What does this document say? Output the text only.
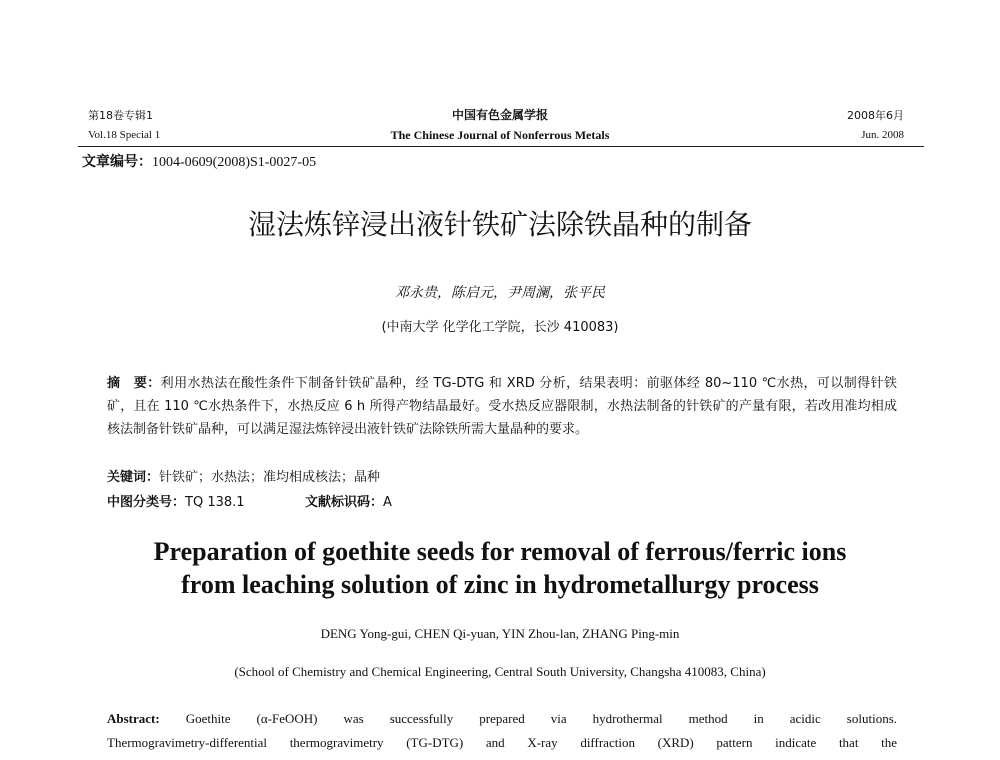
第18卷专辑1
Vol.18 Special 1
中国有色金属学报
The Chinese Journal of Nonferrous Metals
2008年6月
Jun. 2008
文章编号：1004-0609(2008)S1-0027-05
湿法炼锌浸出液针铁矿法除铁晶种的制备
邓永贵，陈启元，尹周澜，张平民
(中南大学 化学化工学院，长沙 410083)
摘　要：利用水热法在酸性条件下制备针铁矿晶种，经 TG-DTG 和 XRD 分析，结果表明：前驱体经 80~110 ℃水热，可以制得针铁矿，且在 110 ℃水热条件下，水热反应 6 h 所得产物结晶最好。受水热反应器限制，水热法制备的针铁矿的产量有限，若改用准均相成核法制备针铁矿晶种，可以满足湿法炼锌浸出液针铁矿法除铁所需大量晶种的要求。
关键词：针铁矿；水热法；准均相成核法；晶种
中图分类号：TQ 138.1	文献标识码：A
Preparation of goethite seeds for removal of ferrous/ferric ions
from leaching solution of zinc in hydrometallurgy process
DENG Yong-gui, CHEN Qi-yuan, YIN Zhou-lan, ZHANG Ping-min
(School of Chemistry and Chemical Engineering, Central South University, Changsha 410083, China)
Abstract: Goethite (α-FeOOH) was successfully prepared via hydrothermal method in acidic solutions.
Thermogravimetry-differential thermogravimetry (TG-DTG) and X-ray diffraction (XRD) pattern indicate that the
